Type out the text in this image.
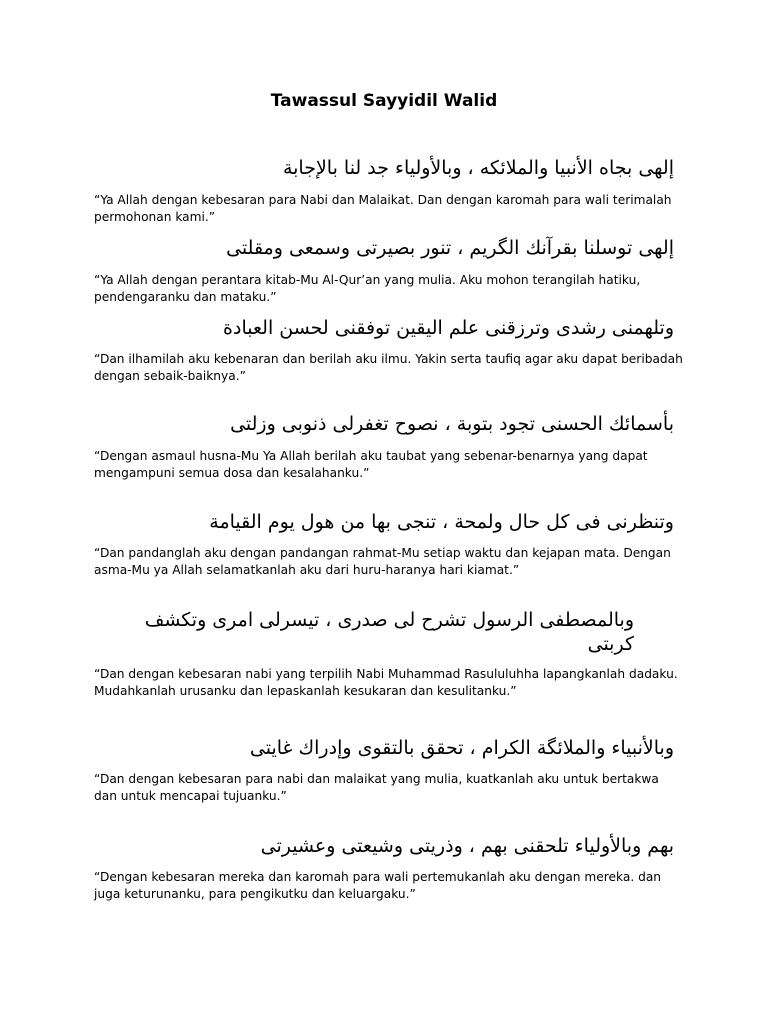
Tawassul Sayyidil Walid
إلهى بجاه الأنبيا والملائكه ، وبالأولياء جد لنا بالإجابة
“Ya Allah dengan kebesaran para Nabi dan Malaikat. Dan dengan karomah para wali terimalah permohonan kami.”
إلهى توسلنا بقرآنك الگريم ، تنور بصيرتى وسمعى ومقلتى
“Ya Allah dengan perantara kitab-Mu Al-Qur’an yang mulia. Aku mohon terangilah hatiku, pendengaranku dan mataku.”
وتلهمنى رشدى وترزقنى علم اليقين توفقنى لحسن العبادة
“Dan ilhamilah aku kebenaran dan berilah aku ilmu. Yakin serta taufiq agar aku dapat beribadah dengan sebaik-baiknya.”
بأسمائك الحسنى تجود بتوبة ، نصوح تغفرلى ذنوبى وزلتى
“Dengan asmaul husna-Mu Ya Allah berilah aku taubat yang sebenar-benarnya yang dapat mengampuni semua dosa dan kesalahanku.”
وتنظرنى فى كل حال ولمحة ، تنجى بها من هول يوم القيامة
“Dan pandanglah aku dengan pandangan rahmat-Mu setiap waktu dan kejapan mata. Dengan asma-Mu ya Allah selamatkanlah aku dari huru-haranya hari kiamat.”
وبالمصطفى الرسول تشرح لى صدرى ، تيسرلى امرى وتكشف كربتى
“Dan dengan kebesaran nabi yang terpilih Nabi Muhammad Rasululuhha lapangkanlah dadaku. Mudahkanlah urusanku dan lepaskanlah kesukaran dan kesulitanku.”
وبالأنبياء والملائگة الكرام ، تحقق بالتقوى وإدراك غايتى
“Dan dengan kebesaran para nabi dan malaikat yang mulia, kuatkanlah aku untuk bertakwa dan untuk mencapai tujuanku.”
بهم وبالأولياء تلحقنى بهم ، وذريتى وشيعتى وعشيرتى
“Dengan kebesaran mereka dan karomah para wali pertemukanlah aku dengan mereka. dan juga keturunanku, para pengikutku dan keluargaku.”
